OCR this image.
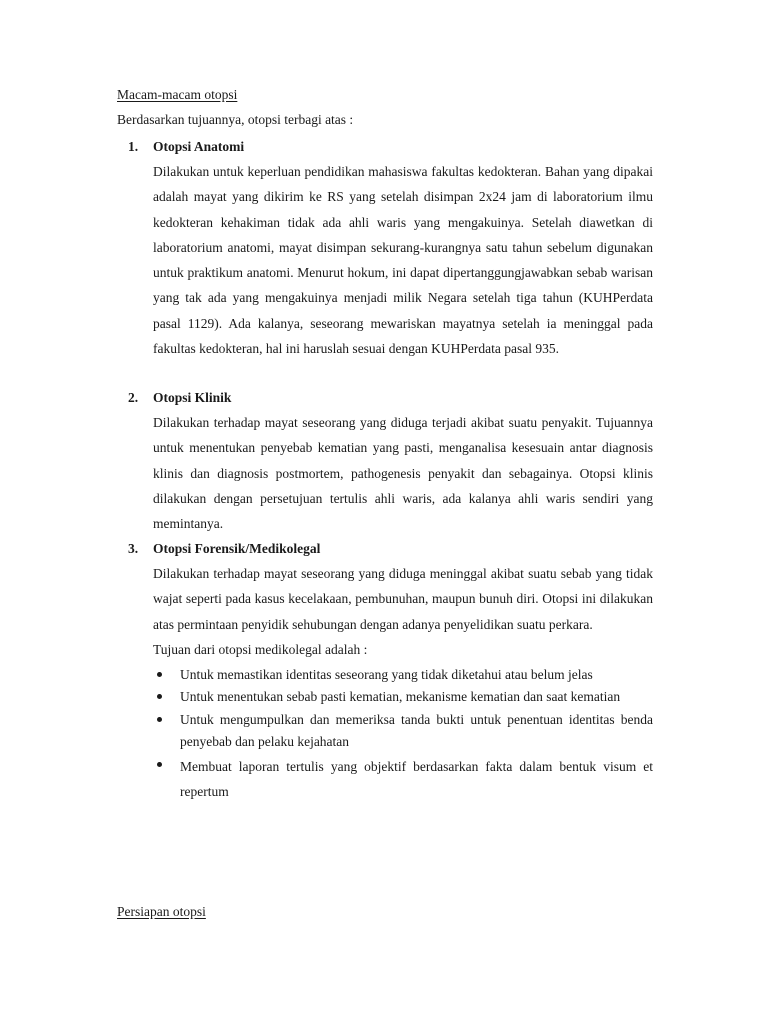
Macam-macam otopsi
Berdasarkan tujuannya, otopsi terbagi atas :
1. Otopsi Anatomi
Dilakukan untuk keperluan pendidikan mahasiswa fakultas kedokteran. Bahan yang dipakai adalah mayat yang dikirim ke RS yang setelah disimpan 2x24 jam di laboratorium ilmu kedokteran kehakiman tidak ada ahli waris yang mengakuinya. Setelah diawetkan di laboratorium anatomi, mayat disimpan sekurang-kurangnya satu tahun sebelum digunakan untuk praktikum anatomi. Menurut hokum, ini dapat dipertanggungjawabkan sebab warisan yang tak ada yang mengakuinya menjadi milik Negara setelah tiga tahun (KUHPerdata pasal 1129). Ada kalanya, seseorang mewariskan mayatnya setelah ia meninggal pada fakultas kedokteran, hal ini haruslah sesuai dengan KUHPerdata pasal 935.
2. Otopsi Klinik
Dilakukan terhadap mayat seseorang yang diduga terjadi akibat suatu penyakit. Tujuannya untuk menentukan penyebab kematian yang pasti, menganalisa kesesuain antar diagnosis klinis dan diagnosis postmortem, pathogenesis penyakit dan sebagainya. Otopsi klinis dilakukan dengan persetujuan tertulis ahli waris, ada kalanya ahli waris sendiri yang memintanya.
3. Otopsi Forensik/Medikolegal
Dilakukan terhadap mayat seseorang yang diduga meninggal akibat suatu sebab yang tidak wajat seperti pada kasus kecelakaan, pembunuhan, maupun bunuh diri. Otopsi ini dilakukan atas permintaan penyidik sehubungan dengan adanya penyelidikan suatu perkara.
Tujuan dari otopsi medikolegal adalah :
Untuk memastikan identitas seseorang yang tidak diketahui atau belum jelas
Untuk menentukan sebab pasti kematian, mekanisme kematian dan saat kematian
Untuk mengumpulkan dan memeriksa tanda bukti untuk penentuan identitas benda penyebab dan pelaku kejahatan
Membuat laporan tertulis yang objektif berdasarkan fakta dalam bentuk visum et repertum
Persiapan otopsi
